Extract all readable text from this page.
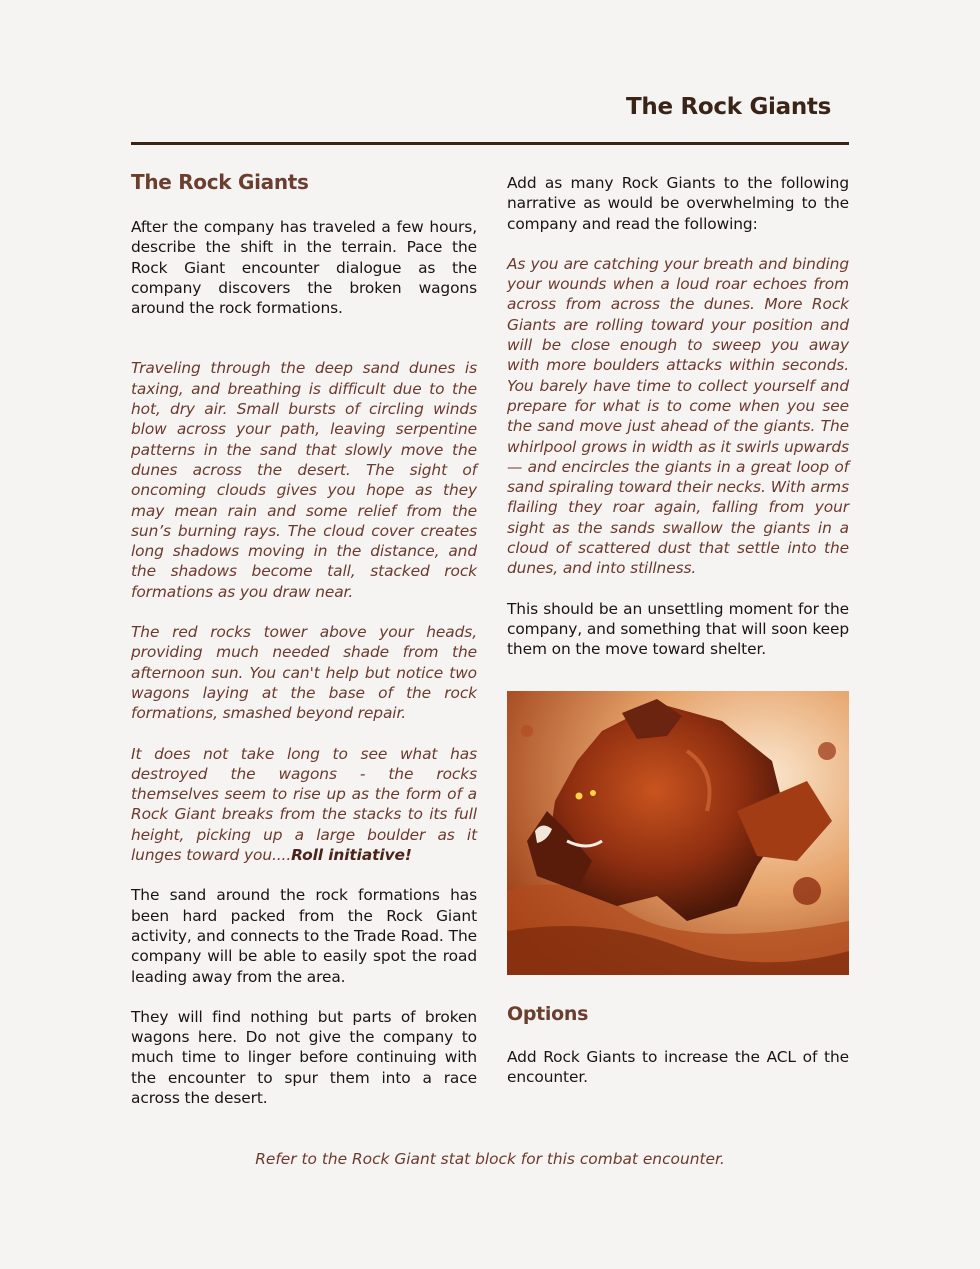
The Rock Giants
The Rock Giants

After the company has traveled a few hours, describe the shift in the terrain. Pace the Rock Giant encounter dialogue as the company discovers the broken wagons around the rock formations.

Traveling through the deep sand dunes is taxing, and breathing is difficult due to the hot, dry air. Small bursts of circling winds blow across your path, leaving serpentine patterns in the sand that slowly move the dunes across the desert. The sight of oncoming clouds gives you hope as they may mean rain and some relief from the sun’s burning rays. The cloud cover creates long shadows moving in the distance, and the shadows become tall, stacked rock formations as you draw near.

The red rocks tower above your heads, providing much needed shade from the afternoon sun. You can't help but notice two wagons laying at the base of the rock formations, smashed beyond repair.

It does not take long to see what has destroyed the wagons - the rocks themselves seem to rise up as the form of a Rock Giant breaks from the stacks to its full height, picking up a large boulder as it lunges toward you....Roll initiative!

The sand around the rock formations has been hard packed from the Rock Giant activity, and connects to the Trade Road. The company will be able to easily spot the road leading away from the area.

They will find nothing but parts of broken wagons here. Do not give the company to much time to linger before continuing with the encounter to spur them into a race across the desert.

Add as many Rock Giants to the following narrative as would be overwhelming to the company and read the following:

As you are catching your breath and binding your wounds when a loud roar echoes from across from across the dunes. More Rock Giants are rolling toward your position and will be close enough to sweep you away with more boulders attacks within seconds. You barely have time to collect yourself and prepare for what is to come when you see the sand move just ahead of the giants. The whirlpool grows in width as it swirls upwards — and encircles the giants in a great loop of sand spiraling toward their necks. With arms flailing they roar again, falling from your sight as the sands swallow the giants in a cloud of scattered dust that settle into the dunes, and into stillness.

This should be an unsettling moment for the company, and something that will soon keep them on the move toward shelter.

Options

Add Rock Giants to increase the ACL of the encounter.

Refer to the Rock Giant stat block for this combat encounter.
